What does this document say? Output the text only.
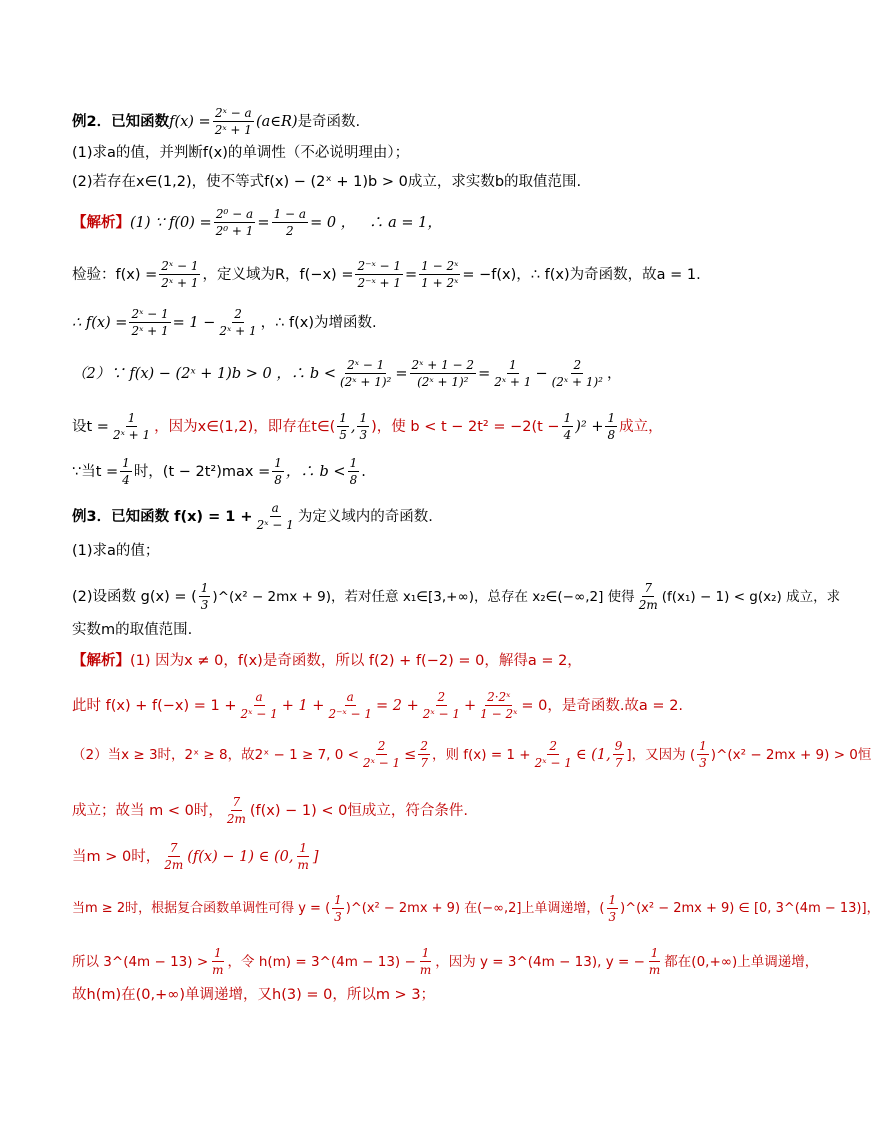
例2．已知函数 $f(x) = \frac{\text{2ˣ − a}}{\text{2ˣ + 1}}$ (a∈R) 是奇函数.
(1)求a的值，并判断f(x)的单调性（不必说明理由）；
(2)若存在x∈(1,2)，使不等式f(x) − (2ˣ + 1)b > 0成立，求实数b的取值范围.
【解析】 (1) ∵ $f(0) = \frac{\text{2⁰ − a}}{\text{2⁰ + 1}} = \frac{1 - a}{2} = 0$ ，   ∴ a = 1，
检验：$f(x) = \frac{\text{2ˣ − 1}}{\text{2ˣ + 1}}$ ，定义域为R，$f(-x) = \frac{\text{2⁻ˣ − 1}}{\text{2⁻ˣ + 1}} = \frac{\text{1 − 2ˣ}}{\text{1 + 2ˣ}} = -f(x)$，∴ f(x)为奇函数，故a = 1.
∴ $f(x) = \frac{\text{2ˣ − 1}}{\text{2ˣ + 1}} = 1 - \frac{2}{\text{2ˣ + 1}}$ ，∴ f(x)为增函数.
（2）∵ f(x) − (2ˣ + 1)b > 0 ，∴ $b < \frac{\text{2ˣ − 1}}{\text{(2ˣ + 1)²}} = \frac{\text{2ˣ + 1 − 2}}{\text{(2ˣ + 1)²}} = \frac{1}{\text{2ˣ + 1}} - \frac{2}{\text{(2ˣ + 1)²}}$ ，
设$t = \frac{1}{\text{2ˣ + 1}}$ ，因为x∈(1,2)，即存在t∈( $\frac{1}{5}$ , $\frac{1}{3}$ )，使 $b < t - 2t^2 = -2(t - \frac{1}{4} )^2 + \frac{1}{8}$ 成立，
∵当$t = \frac{1}{4}$ 时，$(t - 2t^2)\max = \frac{1}{8}$ ，∴ $b < \frac{1}{8}$ .
例3．已知函数 $f(x) = 1 + \frac{a}{\text{2ˣ − 1}}$ 为定义域内的奇函数.
(1)求a的值；
(2)设函数 g(x) = ( $\frac{1}{3}$ )^(x² − 2mx + 9)，若对任意 x₁∈[3,+∞)，总存在 x₂∈(−∞,2] 使得 $\frac{7}{2m} (f(x_1) - 1) < g(x_2)$ 成立，求
实数m的取值范围.
【解析】 (1) 因为x ≠ 0，f(x)是奇函数，所以 f(2) + f(−2) = 0，解得a = 2，
此时 $f(x) + f(-x) = 1 + \frac{a}{\text{2ˣ − 1}} + 1 + \frac{a}{\text{2⁻ˣ − 1}} = 2 + \frac{2}{\text{2ˣ − 1}} + \frac{\text{2·2ˣ}}{\text{1 − 2ˣ}} = 0$，是奇函数.故a = 2.
（2）当x ≥ 3时，2ˣ ≥ 8，故2ˣ − 1 ≥ 7, $0 < \frac{2}{\text{2ˣ − 1}} \le \frac{2}{7}$ ，则 $f(x) = 1 + \frac{2}{\text{2ˣ − 1}}$ ∈ (1, $\frac{9}{7}$ ]，又因为 ( $\frac{1}{3}$ )^(x² − 2mx + 9) > 0恒
成立；故当 m < 0时， $\frac{7}{2m} (f(x) - 1) < 0$恒成立，符合条件.
当m > 0时， $\frac{7}{2m} (f(x) - 1)$ ∈ (0, $\frac{1}{m}$ ]
当m ≥ 2时，根据复合函数单调性可得 y = ( $\frac{1}{3}$ )^(x² − 2mx + 9) 在(−∞,2]上单调递增，( $\frac{1}{3}$ )^(x² − 2mx + 9) ∈ [0, 3^(4m − 13)]，
所以 3^(4m − $13) > \frac{1}{m}$ ，令 h(m) = 3^(4m − $13) - \frac{1}{m}$ ，因为 y = 3^(4m − 13), y = − $\frac{1}{m}$ 都在(0,+∞)上单调递增，
故h(m)在(0,+∞)单调递增，又h(3) = 0，所以m > 3；
